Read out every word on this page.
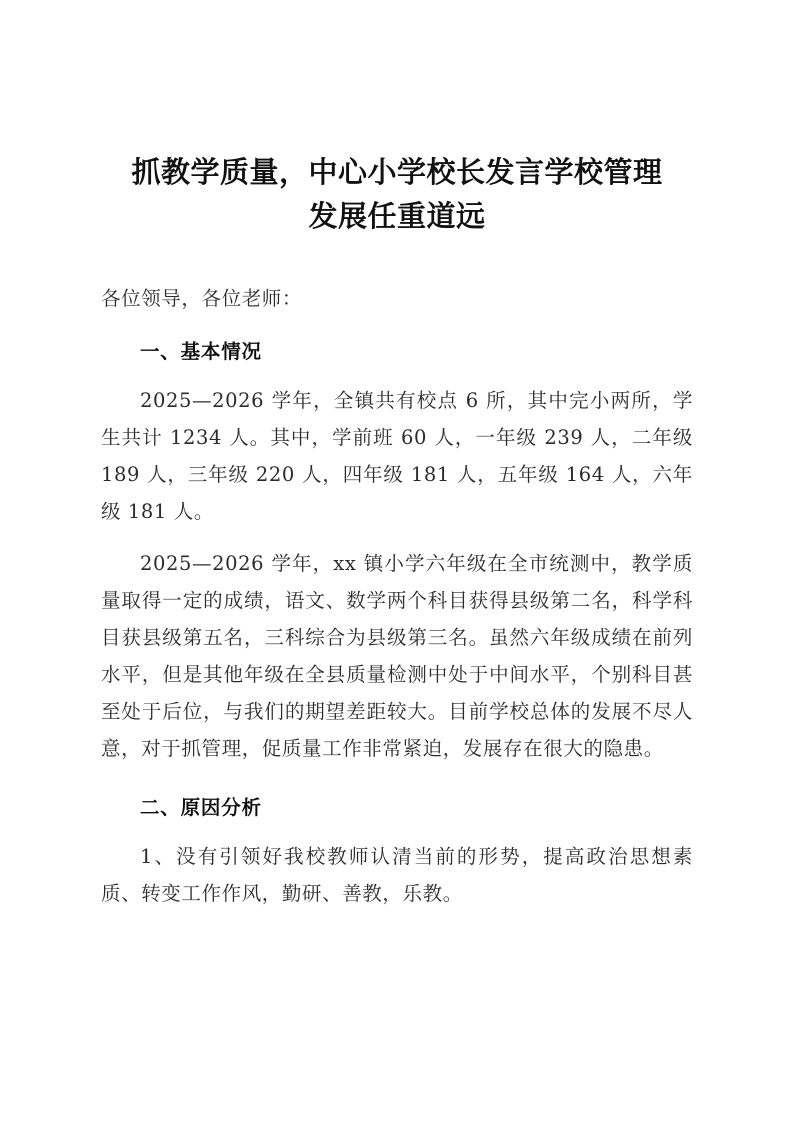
抓教学质量，中心小学校长发言学校管理
发展任重道远

各位领导，各位老师：

一、基本情况

2025—2026 学年，全镇共有校点 6 所，其中完小两所，学生共计 1234 人。其中，学前班 60 人，一年级 239 人，二年级 189 人，三年级 220 人，四年级 181 人，五年级 164 人，六年级 181 人。

2025—2026 学年，xx 镇小学六年级在全市统测中，教学质量取得一定的成绩，语文、数学两个科目获得县级第二名，科学科目获县级第五名，三科综合为县级第三名。虽然六年级成绩在前列水平，但是其他年级在全县质量检测中处于中间水平，个别科目甚至处于后位，与我们的期望差距较大。目前学校总体的发展不尽人意，对于抓管理，促质量工作非常紧迫，发展存在很大的隐患。

二、原因分析

1、没有引领好我校教师认清当前的形势，提高政治思想素质、转变工作作风，勤研、善教，乐教。
